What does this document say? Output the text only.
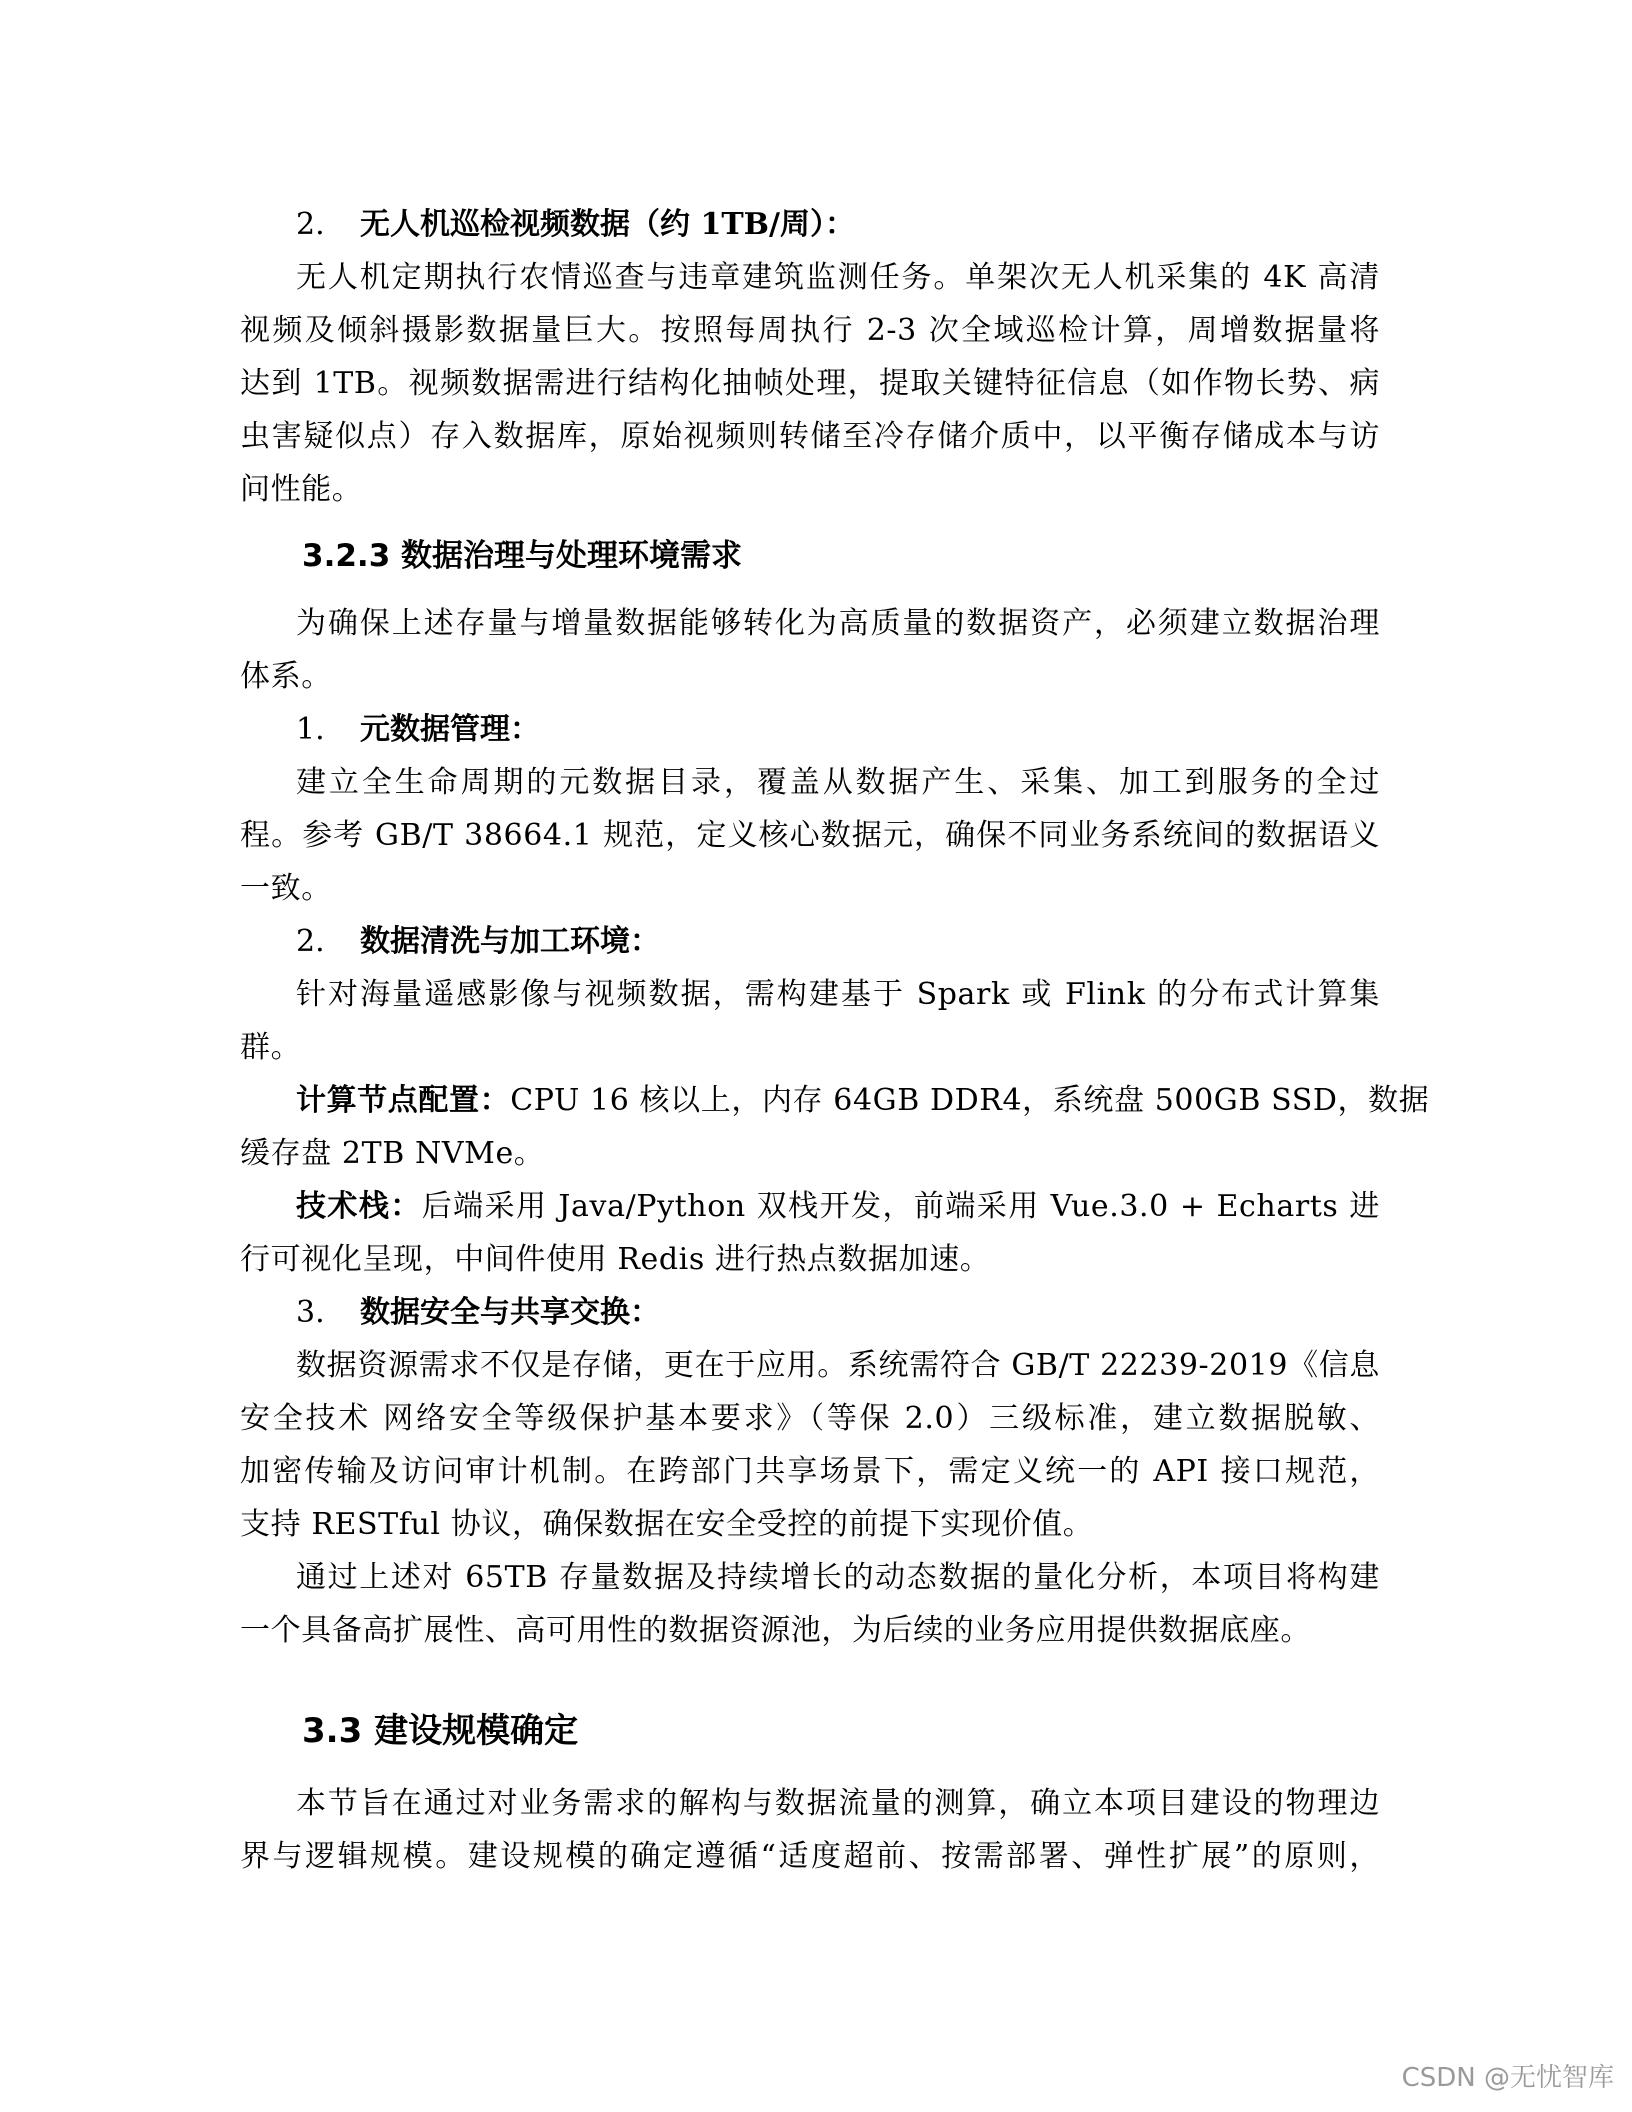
2. 无人机巡检视频数据（约 1TB/周）：
无人机定期执行农情巡查与违章建筑监测任务。单架次无人机采集的 4K 高清
视频及倾斜摄影数据量巨大。按照每周执行 2-3 次全域巡检计算，周增数据量将
达到 1TB。视频数据需进行结构化抽帧处理，提取关键特征信息（如作物长势、病
虫害疑似点）存入数据库，原始视频则转储至冷存储介质中，以平衡存储成本与访
问性能。
3.2.3 数据治理与处理环境需求
为确保上述存量与增量数据能够转化为高质量的数据资产，必须建立数据治理
体系。
1. 元数据管理：
建立全生命周期的元数据目录，覆盖从数据产生、采集、加工到服务的全过
程。参考 GB/T 38664.1 规范，定义核心数据元，确保不同业务系统间的数据语义
一致。
2. 数据清洗与加工环境：
针对海量遥感影像与视频数据，需构建基于 Spark 或 Flink 的分布式计算集
群。
计算节点配置：CPU 16 核以上，内存 64GB DDR4，系统盘 500GB SSD，数据
缓存盘 2TB NVMe。
技术栈：后端采用 Java/Python 双栈开发，前端采用 Vue.3.0 + Echarts 进
行可视化呈现，中间件使用 Redis 进行热点数据加速。
3. 数据安全与共享交换：
数据资源需求不仅是存储，更在于应用。系统需符合 GB/T 22239-2019《信息
安全技术 网络安全等级保护基本要求》（等保 2.0）三级标准，建立数据脱敏、
加密传输及访问审计机制。在跨部门共享场景下，需定义统一的 API 接口规范，
支持 RESTful 协议，确保数据在安全受控的前提下实现价值。
通过上述对 65TB 存量数据及持续增长的动态数据的量化分析，本项目将构建
一个具备高扩展性、高可用性的数据资源池，为后续的业务应用提供数据底座。
3.3 建设规模确定
本节旨在通过对业务需求的解构与数据流量的测算，确立本项目建设的物理边
界与逻辑规模。建设规模的确定遵循“适度超前、按需部署、弹性扩展”的原则，
CSDN @无忧智库
